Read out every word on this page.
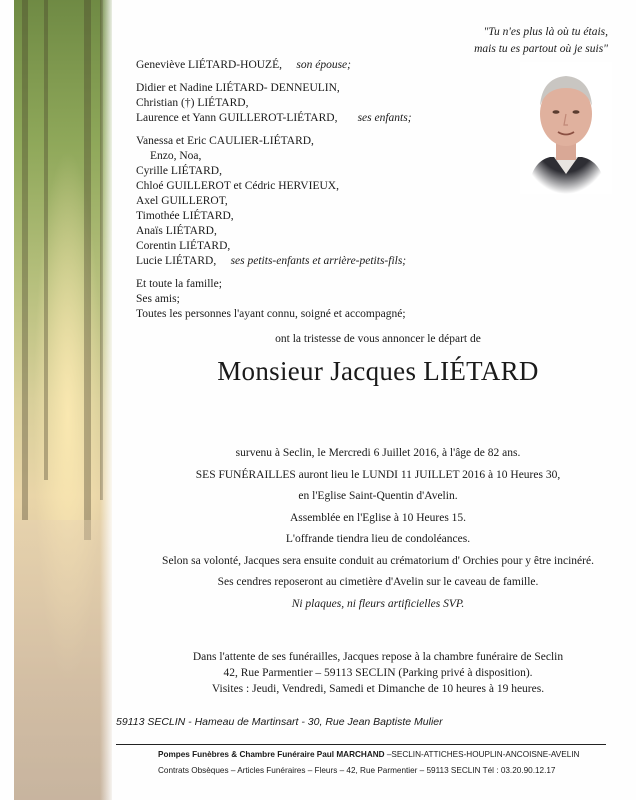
"Tu n'es plus là où tu étais,
mais tu es partout où je suis"
Geneviève LIÉTARD-HOUZÉ, son épouse;
Didier et Nadine LIÉTARD- DENNEULIN,
Christian (†) LIÉTARD,
Laurence et Yann GUILLEROT-LIÉTARD, ses enfants;
Vanessa et Eric CAULIER-LIÉTARD,
Enzo, Noa,
Cyrille LIÉTARD,
Chloé GUILLEROT et Cédric HERVIEUX,
Axel GUILLEROT,
Timothée LIÉTARD,
Anaïs LIÉTARD,
Corentin LIÉTARD,
Lucie LIÉTARD, ses petits-enfants et arrière-petits-fils;
Et toute la famille;
Ses amis;
Toutes les personnes l'ayant connu, soigné et accompagné;
ont la tristesse de vous annoncer le départ de
Monsieur Jacques LIÉTARD
survenu à Seclin, le Mercredi 6 Juillet 2016, à l'âge de 82 ans.
SES FUNÉRAILLES auront lieu le LUNDI 11 JUILLET 2016 à 10 Heures 30,
en l'Eglise Saint-Quentin d'Avelin.
Assemblée en l'Eglise à 10 Heures 15.
L'offrande tiendra lieu de condoléances.
Selon sa volonté, Jacques sera ensuite conduit au crématorium d' Orchies pour y être incinéré.
Ses cendres reposeront au cimetière d'Avelin sur le caveau de famille.
Ni plaques, ni fleurs artificielles SVP.
Dans l'attente de ses funérailles, Jacques repose à la chambre funéraire de Seclin
42, Rue Parmentier – 59113 SECLIN (Parking privé à disposition).
Visites : Jeudi, Vendredi, Samedi et Dimanche de 10 heures à 19 heures.
59113 SECLIN - Hameau de Martinsart - 30, Rue Jean Baptiste Mulier
Pompes Funèbres & Chambre Funéraire Paul MARCHAND –SECLIN-ATTICHES-HOUPLIN-ANCOISNE-AVELIN
Contrats Obsèques – Articles Funéraires – Fleurs – 42, Rue Parmentier – 59113 SECLIN Tél : 03.20.90.12.17
